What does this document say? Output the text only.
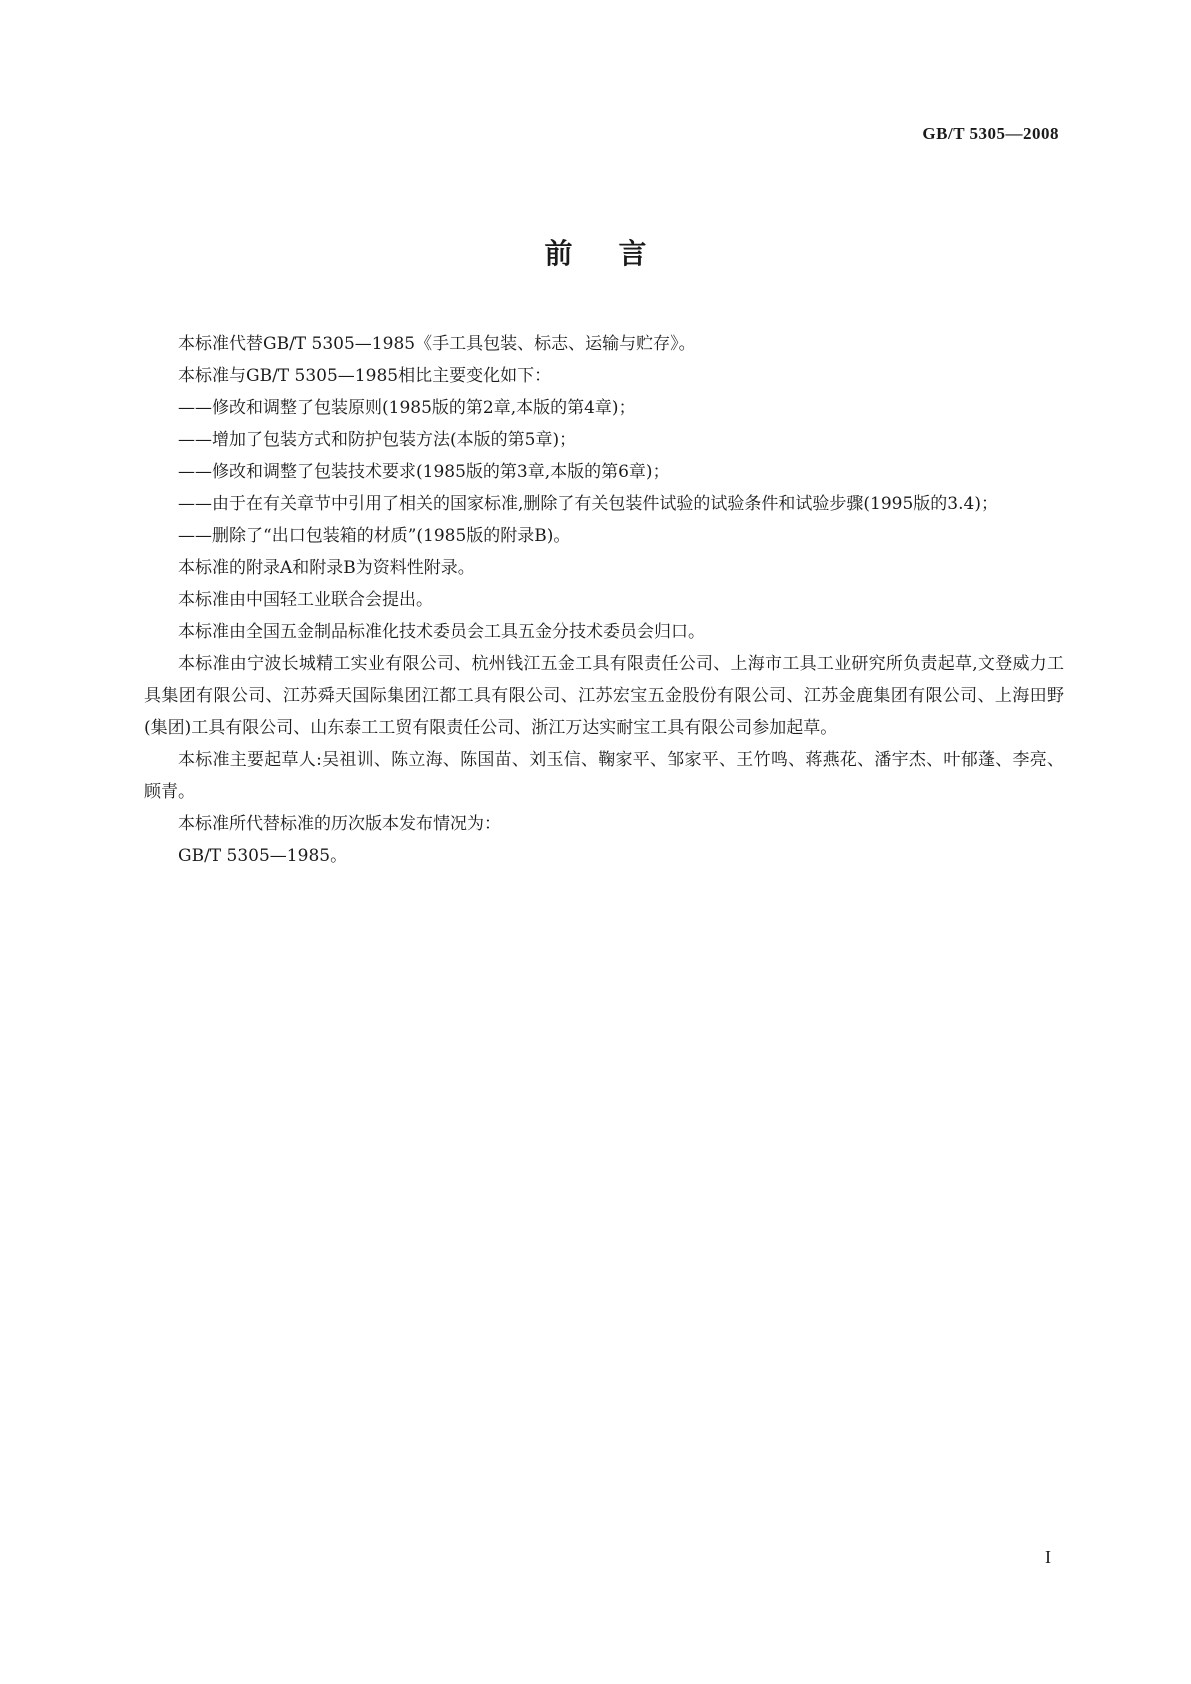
GB/T 5305—2008
前言

本标准代替GB/T 5305—1985《手工具包装、标志、运输与贮存》。

本标准与GB/T 5305—1985相比主要变化如下：

——修改和调整了包装原则(1985版的第2章,本版的第4章)；

——增加了包装方式和防护包装方法(本版的第5章)；

——修改和调整了包装技术要求(1985版的第3章,本版的第6章)；

——由于在有关章节中引用了相关的国家标准,删除了有关包装件试验的试验条件和试验步骤(1995版的3.4)；

——删除了“出口包装箱的材质”(1985版的附录B)。

本标准的附录A和附录B为资料性附录。

本标准由中国轻工业联合会提出。

本标准由全国五金制品标准化技术委员会工具五金分技术委员会归口。

本标准由宁波长城精工实业有限公司、杭州钱江五金工具有限责任公司、上海市工具工业研究所负责起草,文登威力工具集团有限公司、江苏舜天国际集团江都工具有限公司、江苏宏宝五金股份有限公司、江苏金鹿集团有限公司、上海田野(集团)工具有限公司、山东泰工工贸有限责任公司、浙江万达实耐宝工具有限公司参加起草。

本标准主要起草人:吴祖训、陈立海、陈国苗、刘玉信、鞠家平、邹家平、王竹鸣、蒋燕花、潘宇杰、叶郁蓬、李亮、顾青。

本标准所代替标准的历次版本发布情况为：

GB/T 5305—1985。

I
